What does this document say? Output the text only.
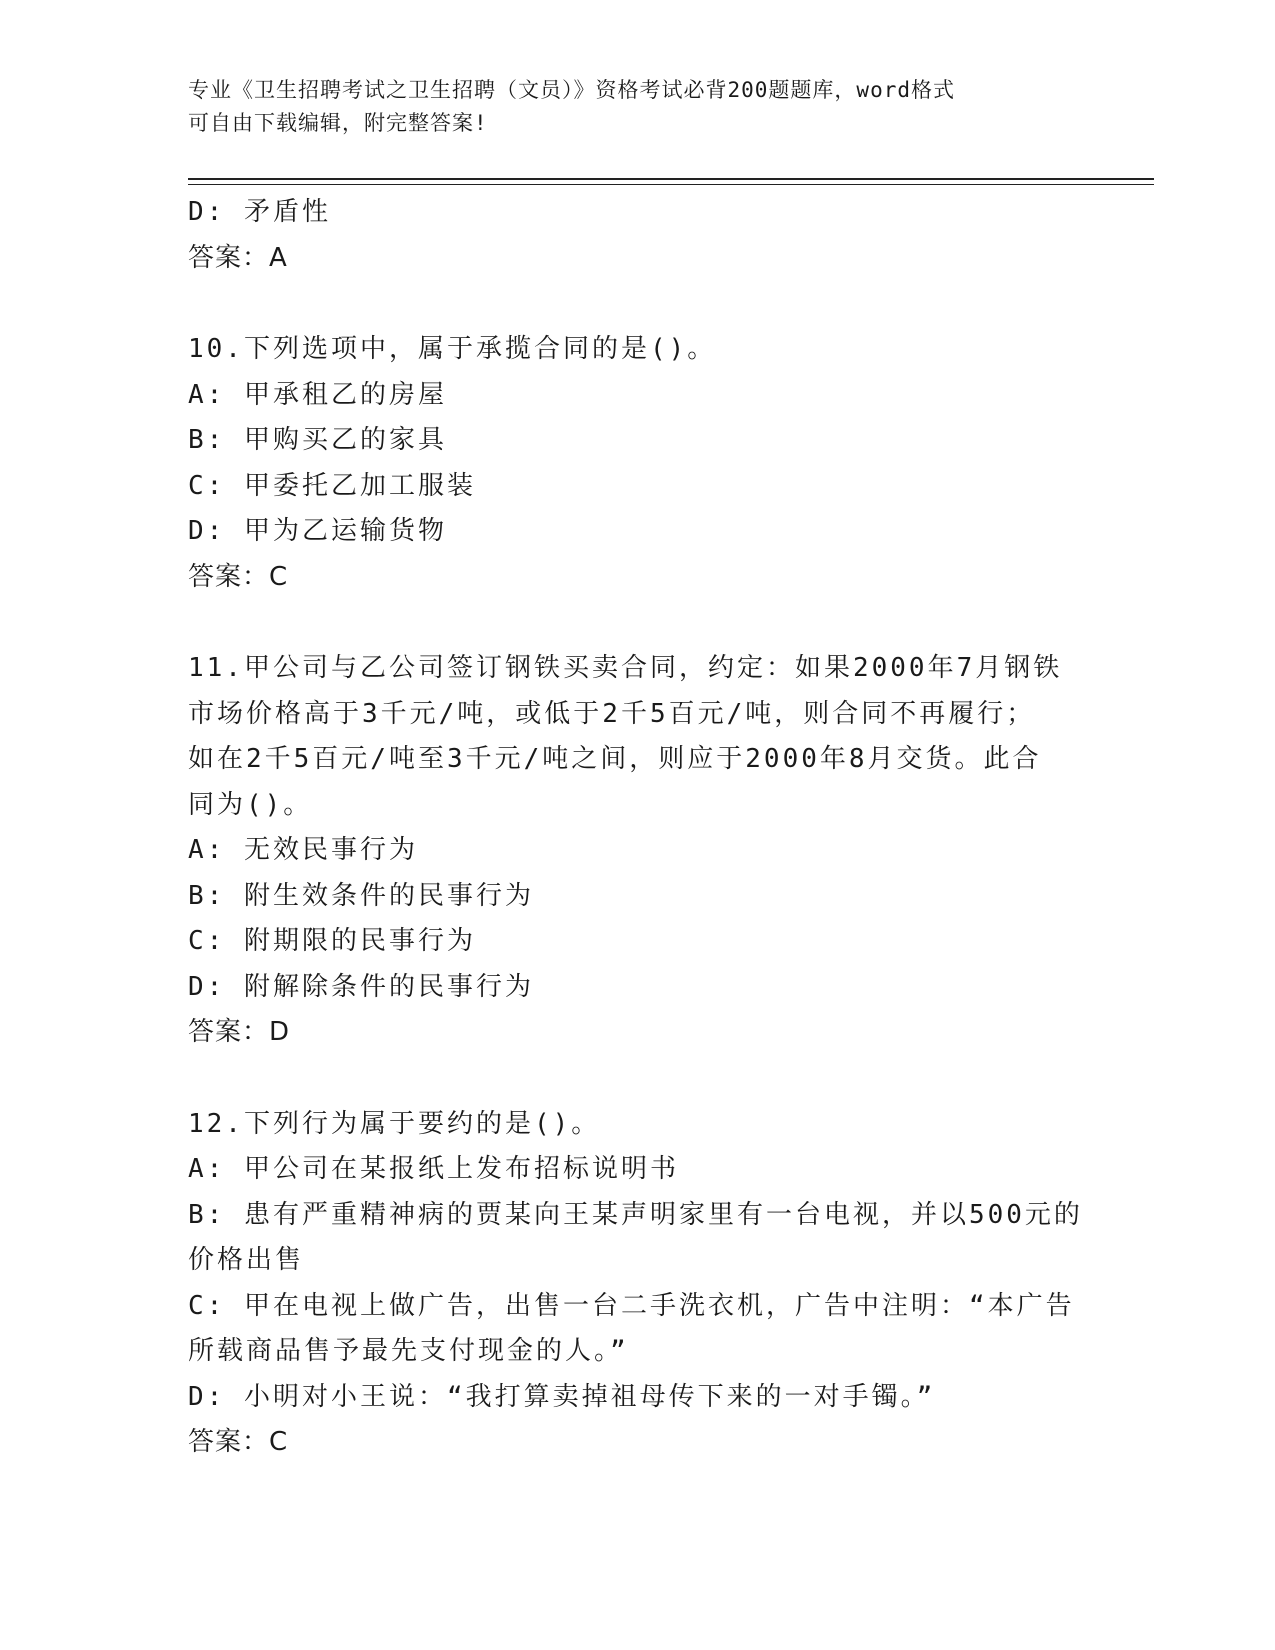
专业《卫生招聘考试之卫生招聘（文员）》资格考试必背200题题库，word格式
可自由下载编辑，附完整答案!

D: 矛盾性

答案：A

10.下列选项中，属于承揽合同的是()。

A: 甲承租乙的房屋

B: 甲购买乙的家具

C: 甲委托乙加工服装

D: 甲为乙运输货物

答案：C

11.甲公司与乙公司签订钢铁买卖合同，约定：如果2000年7月钢铁

市场价格高于3千元/吨，或低于2千5百元/吨，则合同不再履行；

如在2千5百元/吨至3千元/吨之间，则应于2000年8月交货。此合

同为()。

A: 无效民事行为

B: 附生效条件的民事行为

C: 附期限的民事行为

D: 附解除条件的民事行为

答案：D

12.下列行为属于要约的是()。

A: 甲公司在某报纸上发布招标说明书

B: 患有严重精神病的贾某向王某声明家里有一台电视，并以500元的

价格出售

C: 甲在电视上做广告，出售一台二手洗衣机，广告中注明：“本广告

所载商品售予最先支付现金的人。”

D: 小明对小王说：“我打算卖掉祖母传下来的一对手镯。”

答案：C
